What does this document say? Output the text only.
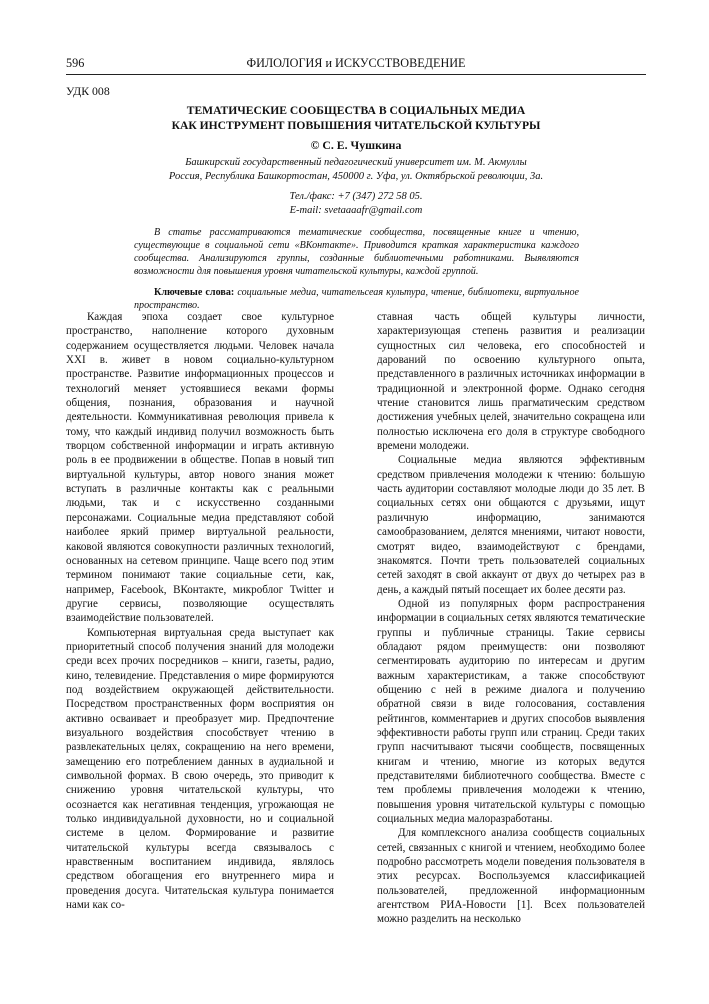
596	ФИЛОЛОГИЯ и ИСКУССТВОВЕДЕНИЕ
УДК 008
ТЕМАТИЧЕСКИЕ СООБЩЕСТВА В СОЦИАЛЬНЫХ МЕДИА
КАК ИНСТРУМЕНТ ПОВЫШЕНИЯ ЧИТАТЕЛЬСКОЙ КУЛЬТУРЫ
© С. Е. Чушкина
Башкирский государственный педагогический университет им. М. Акмуллы
Россия, Республика Башкортостан, 450000 г. Уфа, ул. Октябрьской революции, 3а.
Тел./факс: +7 (347) 272 58 05.
E-mail: svetaaaafr@gmail.com

В статье рассматриваются тематические сообщества, посвященные книге и чтению, существующие в социальной сети «ВКонтакте». Приводится краткая характеристика каждого сообщества. Анализируются группы, созданные библиотечными работниками. Выявляются возможности для повышения уровня читательской культуры, каждой группой.

Ключевые слова: социальные медиа, читательсеая культура, чтение, библиотеки, виртуальное пространство.

Каждая эпоха создает свое культурное пространство, наполнение которого духовным содержанием осуществляется людьми. Человек начала XXI в. живет в новом социально-культурном пространстве. Развитие информационных процессов и технологий меняет устоявшиеся веками формы общения, познания, образования и научной деятельности. Коммуникативная революция привела к тому, что каждый индивид получил возможность быть творцом собственной информации и играть активную роль в ее продвижении в обществе. Попав в новый тип виртуальной культуры, автор нового знания может вступать в различные контакты как с реальными людьми, так и с искусственно созданными персонажами. Социальные медиа представляют собой наиболее яркий пример виртуальной реальности, каковой являются совокупности различных технологий, основанных на сетевом принципе. Чаще всего под этим термином понимают такие социальные сети, как, например, Facebook, ВКонтакте, микроблог Twitter и другие сервисы, позволяющие осуществлять взаимодействие пользователей.

Компьютерная виртуальная среда выступает как приоритетный способ получения знаний для молодежи среди всех прочих посредников – книги, газеты, радио, кино, телевидение. Представления о мире формируются под воздействием окружающей действительности. Посредством пространственных форм восприятия он активно осваивает и преобразует мир. Предпочтение визуального воздействия способствует чтению в развлекательных целях, сокращению на него времени, замещению его потреблением данных в аудиальной и символьной формах. В свою очередь, это приводит к снижению уровня читательской культуры, что осознается как негативная тенденция, угрожающая не только индивидуальной духовности, но и социальной системе в целом. Формирование и развитие читательской культуры всегда связывалось с нравственным воспитанием индивида, являлось средством обогащения его внутреннего мира и проведения досуга. Читательская культура понимается нами как со-

ставная часть общей культуры личности, характеризующая степень развития и реализации сущностных сил человека, его способностей и дарований по освоению культурного опыта, представленного в различных источниках информации в традиционной и электронной форме. Однако сегодня чтение становится лишь прагматическим средством достижения учебных целей, значительно сокращена или полностью исключена его доля в структуре свободного времени молодежи.

Социальные медиа являются эффективным средством привлечения молодежи к чтению: большую часть аудитории составляют молодые люди до 35 лет. В социальных сетях они общаются с друзьями, ищут различную информацию, занимаются самообразованием, делятся мнениями, читают новости, смотрят видео, взаимодействуют с брендами, знакомятся. Почти треть пользователей социальных сетей заходят в свой аккаунт от двух до четырех раз в день, а каждый пятый посещает их более десяти раз.

Одной из популярных форм распространения информации в социальных сетях являются тематические группы и публичные страницы. Такие сервисы обладают рядом преимуществ: они позволяют сегментировать аудиторию по интересам и другим важным характеристикам, а также способствуют общению с ней в режиме диалога и получению обратной связи в виде голосования, составления рейтингов, комментариев и других способов выявления эффективности работы групп или страниц. Среди таких групп насчитывают тысячи сообществ, посвященных книгам и чтению, многие из которых ведутся представителями библиотечного сообщества. Вместе с тем проблемы привлечения молодежи к чтению, повышения уровня читательской культуры с помощью социальных медиа малоразработаны.

Для комплексного анализа сообществ социальных сетей, связанных с книгой и чтением, необходимо более подробно рассмотреть модели поведения пользователя в этих ресурсах. Воспользуемся классификацией пользователей, предложенной информационным агентством РИА-Новости [1]. Всех пользователей можно разделить на несколько
